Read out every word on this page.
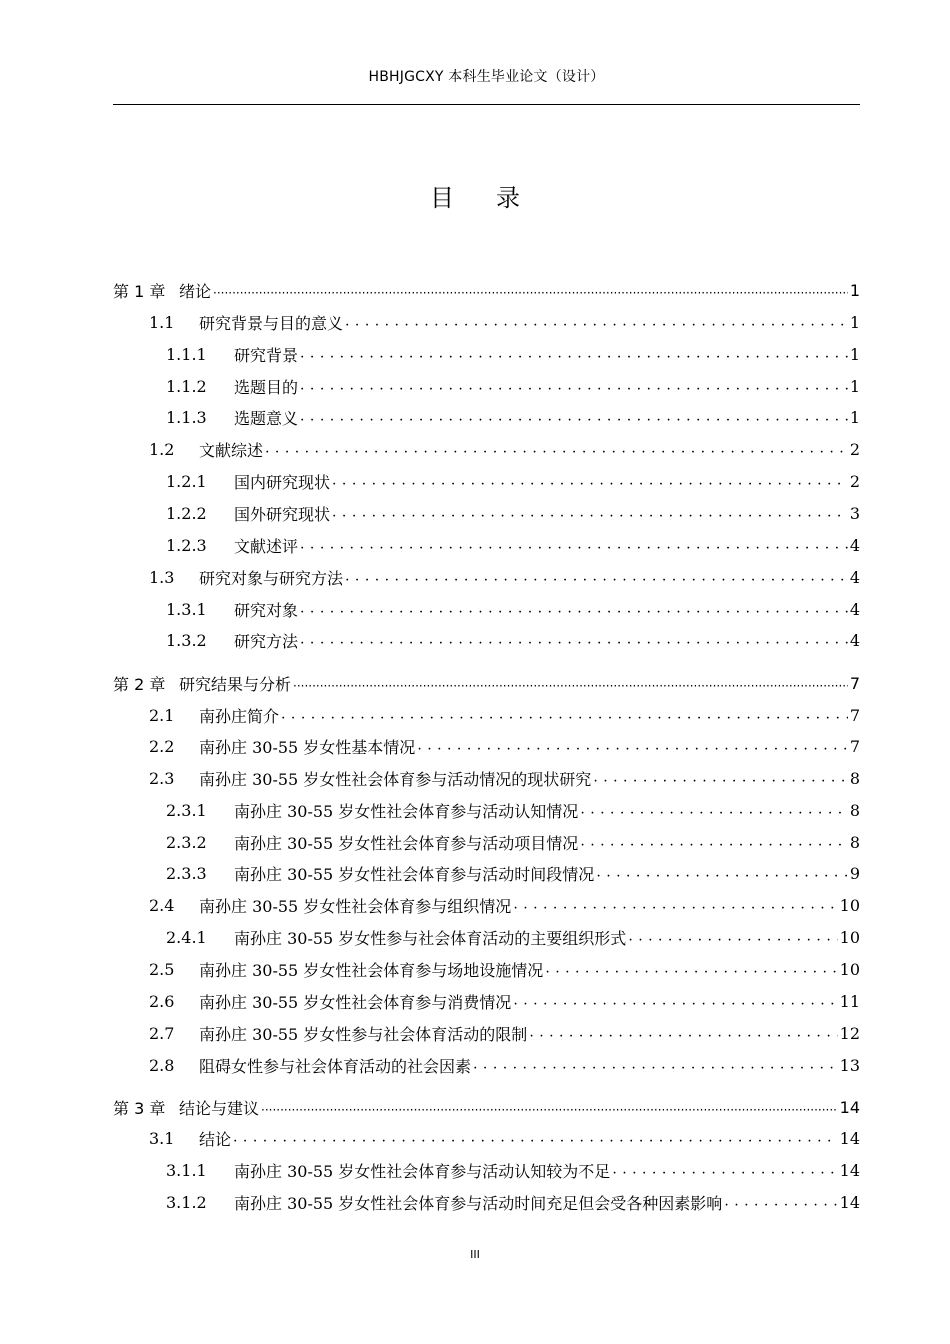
HBHJGCXY 本科生毕业论文（设计）
目录
第 1 章 绪论 .....	1
1.1	研究背景与目的意义 . . .	1
1.1.1	研究背景 . . .	1
1.1.2	选题目的 . . .	1
1.1.3	选题意义 . . .	1
1.2	文献综述 . . .	2
1.2.1	国内研究现状 . . .	2
1.2.2	国外研究现状 . . .	3
1.2.3	文献述评 . . .	4
1.3	研究对象与研究方法 . . .	4
1.3.1	研究对象 . . .	4
1.3.2	研究方法 . . .	4
第 2 章 研究结果与分析 .....	7
2.1	南孙庄简介 . . .	7
2.2	南孙庄 30-55 岁女性基本情况 . . .	7
2.3	南孙庄 30-55 岁女性社会体育参与活动情况的现状研究 . . .	8
2.3.1	南孙庄 30-55 岁女性社会体育参与活动认知情况 . . .	8
2.3.2	南孙庄 30-55 岁女性社会体育参与活动项目情况 . . .	8
2.3.3	南孙庄 30-55 岁女性社会体育参与活动时间段情况 . . .	9
2.4	南孙庄 30-55 岁女性社会体育参与组织情况 . . .	10
2.4.1	南孙庄 30-55 岁女性参与社会体育活动的主要组织形式 . . .	10
2.5	南孙庄 30-55 岁女性社会体育参与场地设施情况 . . .	10
2.6	南孙庄 30-55 岁女性社会体育参与消费情况 . . .	11
2.7	南孙庄 30-55 岁女性参与社会体育活动的限制 . . .	12
2.8	阻碍女性参与社会体育活动的社会因素 . . .	13
第 3 章 结论与建议 .....	14
3.1	结论 . . .	14
3.1.1	南孙庄 30-55 岁女性社会体育参与活动认知较为不足 . . .	14
3.1.2	南孙庄 30-55 岁女性社会体育参与活动时间充足但会受各种因素影响 . . .	14
III
